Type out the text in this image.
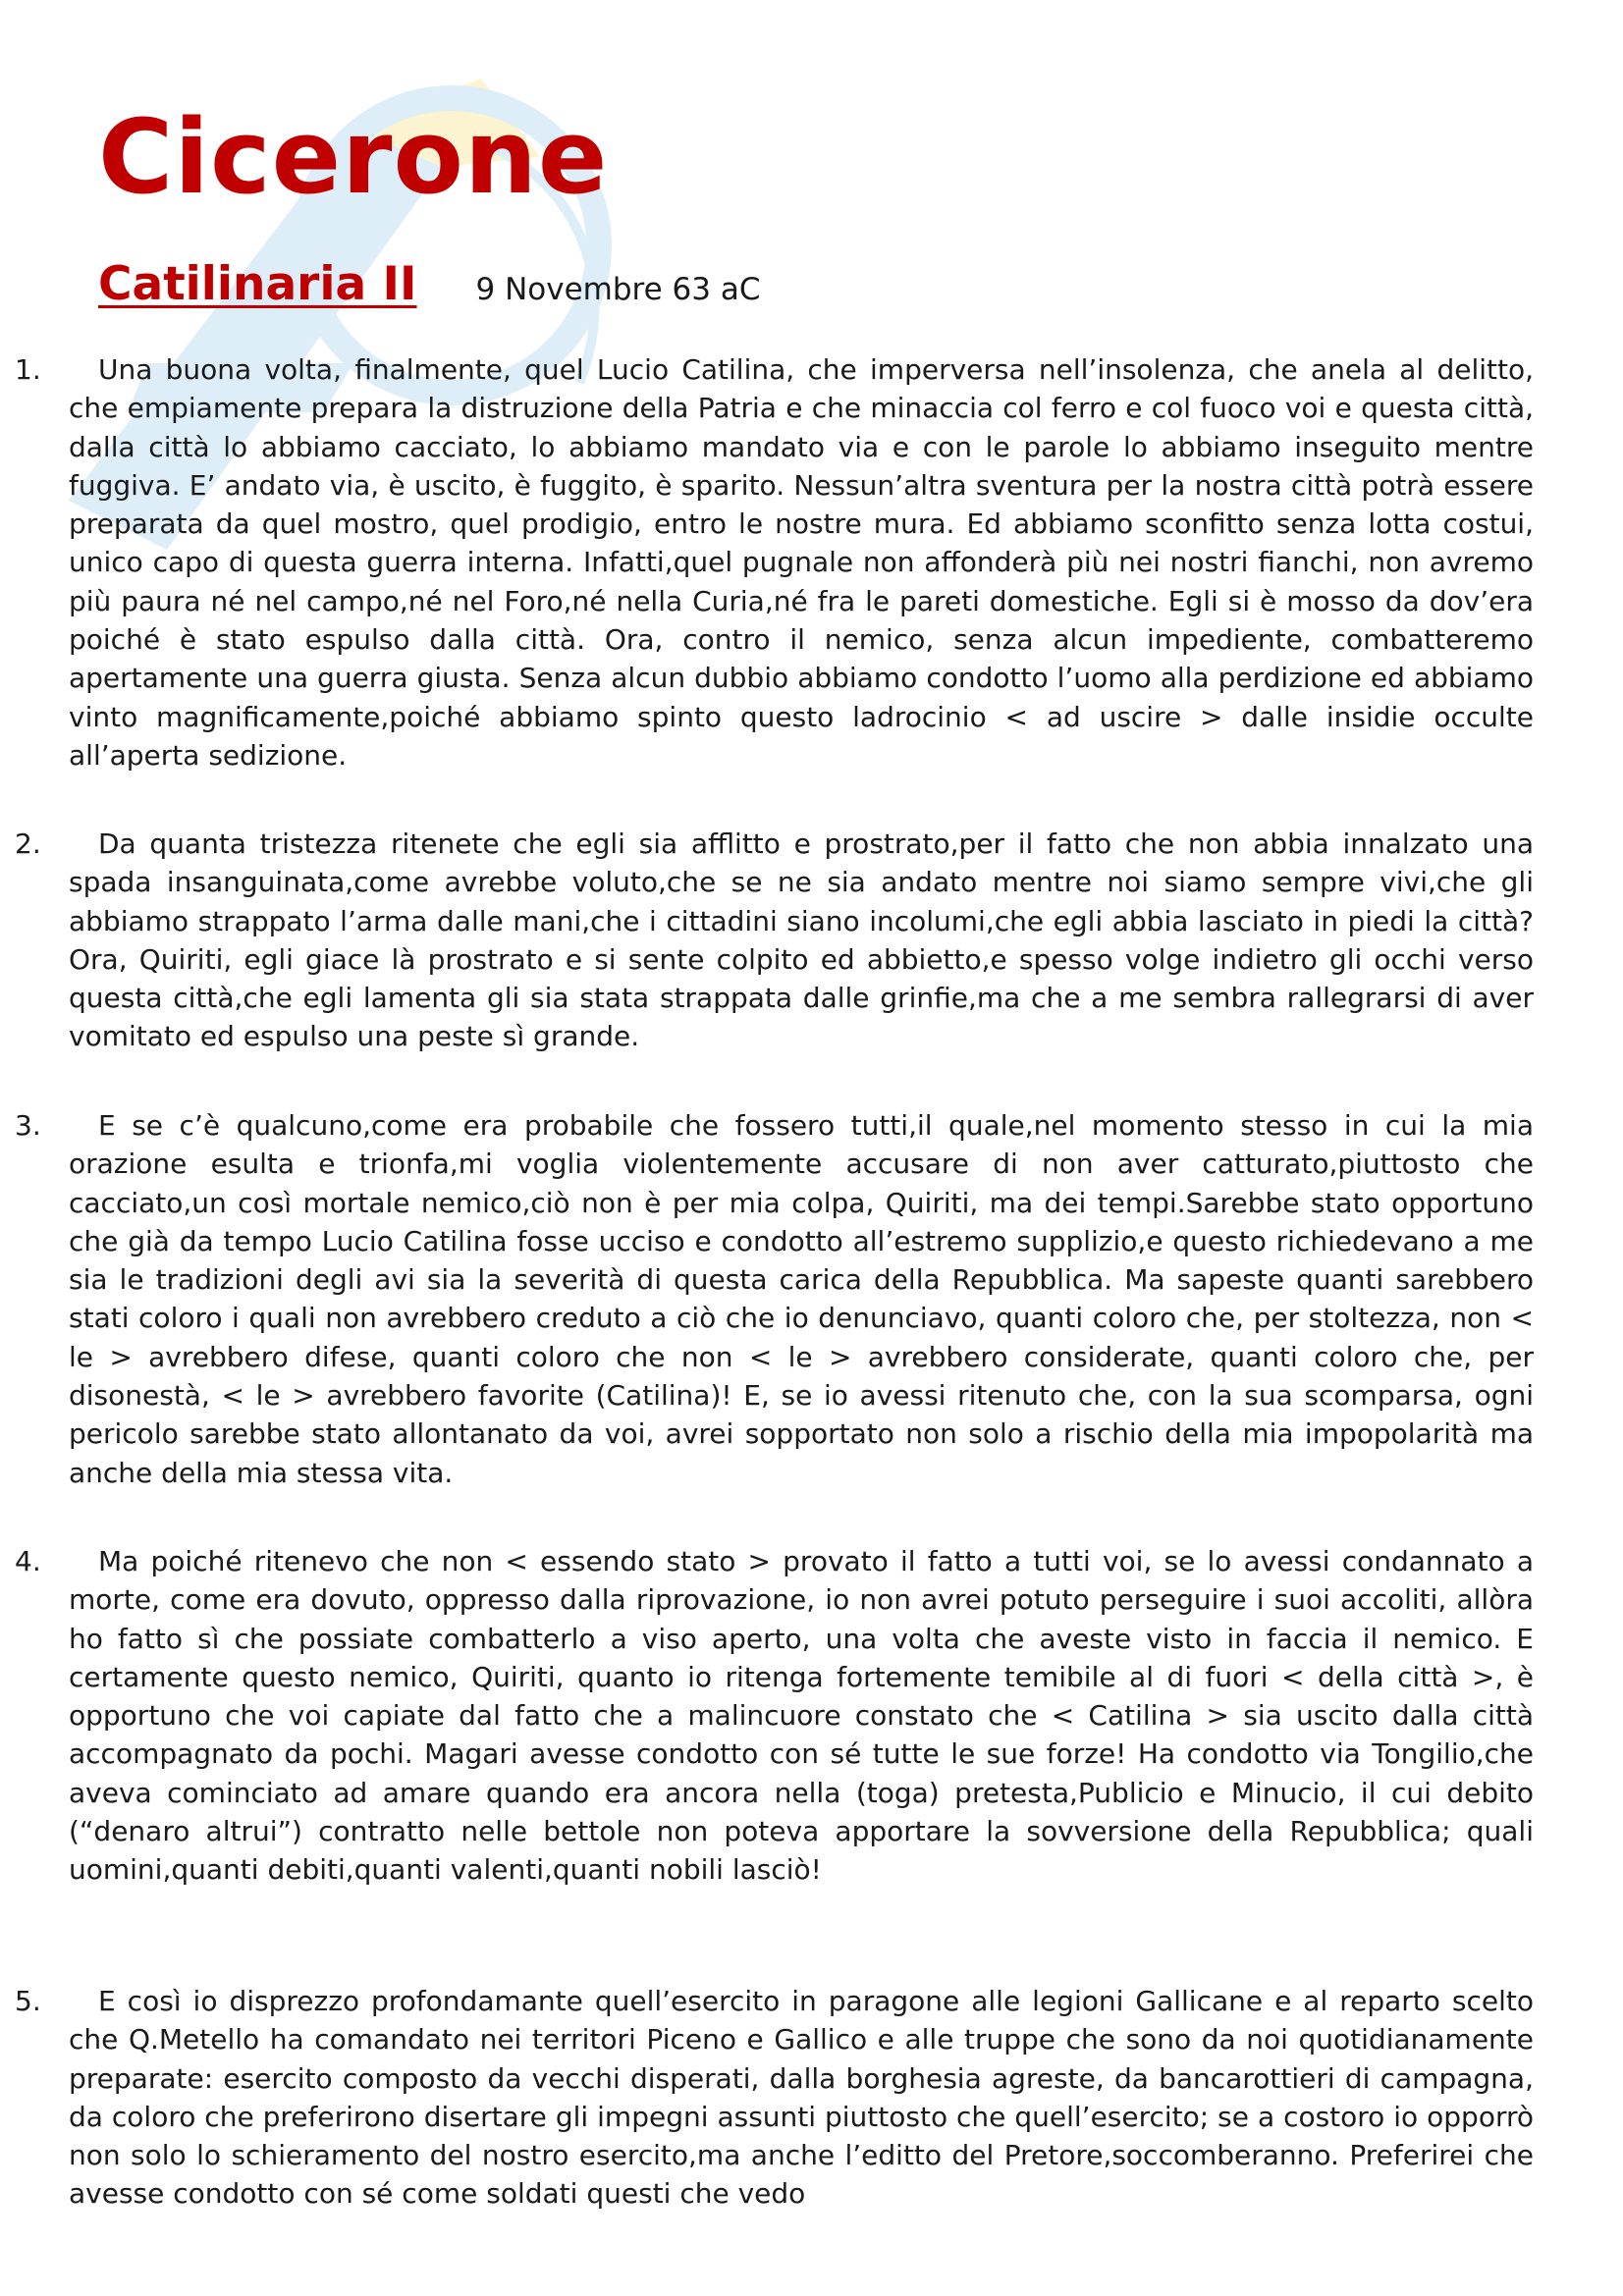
Cicerone
Catilinaria II 9 Novembre 63 aC
1.	Una buona volta, finalmente, quel Lucio Catilina, che imperversa nell’insolenza, che anela al delitto, che empiamente prepara la distruzione della Patria e che minaccia col ferro e col fuoco voi e questa città, dalla città lo abbiamo cacciato, lo abbiamo mandato via e con le parole lo abbiamo inseguito mentre fuggiva. E’ andato via, è uscito, è fuggito, è sparito. Nessun’altra sventura per la nostra città potrà essere preparata da quel mostro, quel prodigio, entro le nostre mura. Ed abbiamo sconfitto senza lotta costui, unico capo di questa guerra interna. Infatti,quel pugnale non affonderà più nei nostri fianchi, non avremo più paura né nel campo,né nel Foro,né nella Curia,né fra le pareti domestiche. Egli si è mosso da dov’era poiché è stato espulso dalla città. Ora, contro il nemico, senza alcun impediente, combatteremo apertamente una guerra giusta. Senza alcun dubbio abbiamo condotto l’uomo alla perdizione ed abbiamo vinto magnificamente,poiché abbiamo spinto questo ladrocinio < ad uscire > dalle insidie occulte all’aperta sedizione.
2.	Da quanta tristezza ritenete che egli sia afflitto e prostrato,per il fatto che non abbia innalzato una spada insanguinata,come avrebbe voluto,che se ne sia andato mentre noi siamo sempre vivi,che gli abbiamo strappato l’arma dalle mani,che i cittadini siano incolumi,che egli abbia lasciato in piedi la città? Ora, Quiriti, egli giace là prostrato e si sente colpito ed abbietto,e spesso volge indietro gli occhi verso questa città,che egli lamenta gli sia stata strappata dalle grinfie,ma che a me sembra rallegrarsi di aver vomitato ed espulso una peste sì grande.
3.	E se c’è qualcuno,come era probabile che fossero tutti,il quale,nel momento stesso in cui la mia orazione esulta e trionfa,mi voglia violentemente accusare di non aver catturato,piuttosto che cacciato,un così mortale nemico,ciò non è per mia colpa, Quiriti, ma dei tempi.Sarebbe stato opportuno che già da tempo Lucio Catilina fosse ucciso e condotto all’estremo supplizio,e questo richiedevano a me sia le tradizioni degli avi sia la severità di questa carica della Repubblica. Ma sapeste quanti sarebbero stati coloro i quali non avrebbero creduto a ciò che io denunciavo, quanti coloro che, per stoltezza, non < le > avrebbero difese, quanti coloro che non < le > avrebbero considerate, quanti coloro che, per disonestà, < le > avrebbero favorite (Catilina)! E, se io avessi ritenuto che, con la sua scomparsa, ogni pericolo sarebbe stato allontanato da voi, avrei sopportato non solo a rischio della mia impopolarità ma anche della mia stessa vita.
4.	Ma poiché ritenevo che non < essendo stato > provato il fatto a tutti voi, se lo avessi condannato a morte, come era dovuto, oppresso dalla riprovazione, io non avrei potuto perseguire i suoi accoliti, allòra ho fatto sì che possiate combatterlo a viso aperto, una volta che aveste visto in faccia il nemico. E certamente questo nemico, Quiriti, quanto io ritenga fortemente temibile al di fuori < della città >, è opportuno che voi capiate dal fatto che a malincuore constato che < Catilina > sia uscito dalla città accompagnato da pochi. Magari avesse condotto con sé tutte le sue forze! Ha condotto via Tongilio,che aveva cominciato ad amare quando era ancora nella (toga) pretesta,Publicio e Minucio, il cui debito (“denaro altrui”) contratto nelle bettole non poteva apportare la sovversione della Repubblica; quali uomini,quanti debiti,quanti valenti,quanti nobili lasciò!
5.	E così io disprezzo profondamante quell’esercito in paragone alle legioni Gallicane e al reparto scelto che Q.Metello ha comandato nei territori Piceno e Gallico e alle truppe che sono da noi quotidianamente preparate: esercito composto da vecchi disperati, dalla borghesia agreste, da bancarottieri di campagna, da coloro che preferirono disertare gli impegni assunti piuttosto che quell’esercito; se a costoro io opporrò non solo lo schieramento del nostro esercito,ma anche l’editto del Pretore,soccomberanno. Preferirei che avesse condotto con sé come soldati questi che vedo
